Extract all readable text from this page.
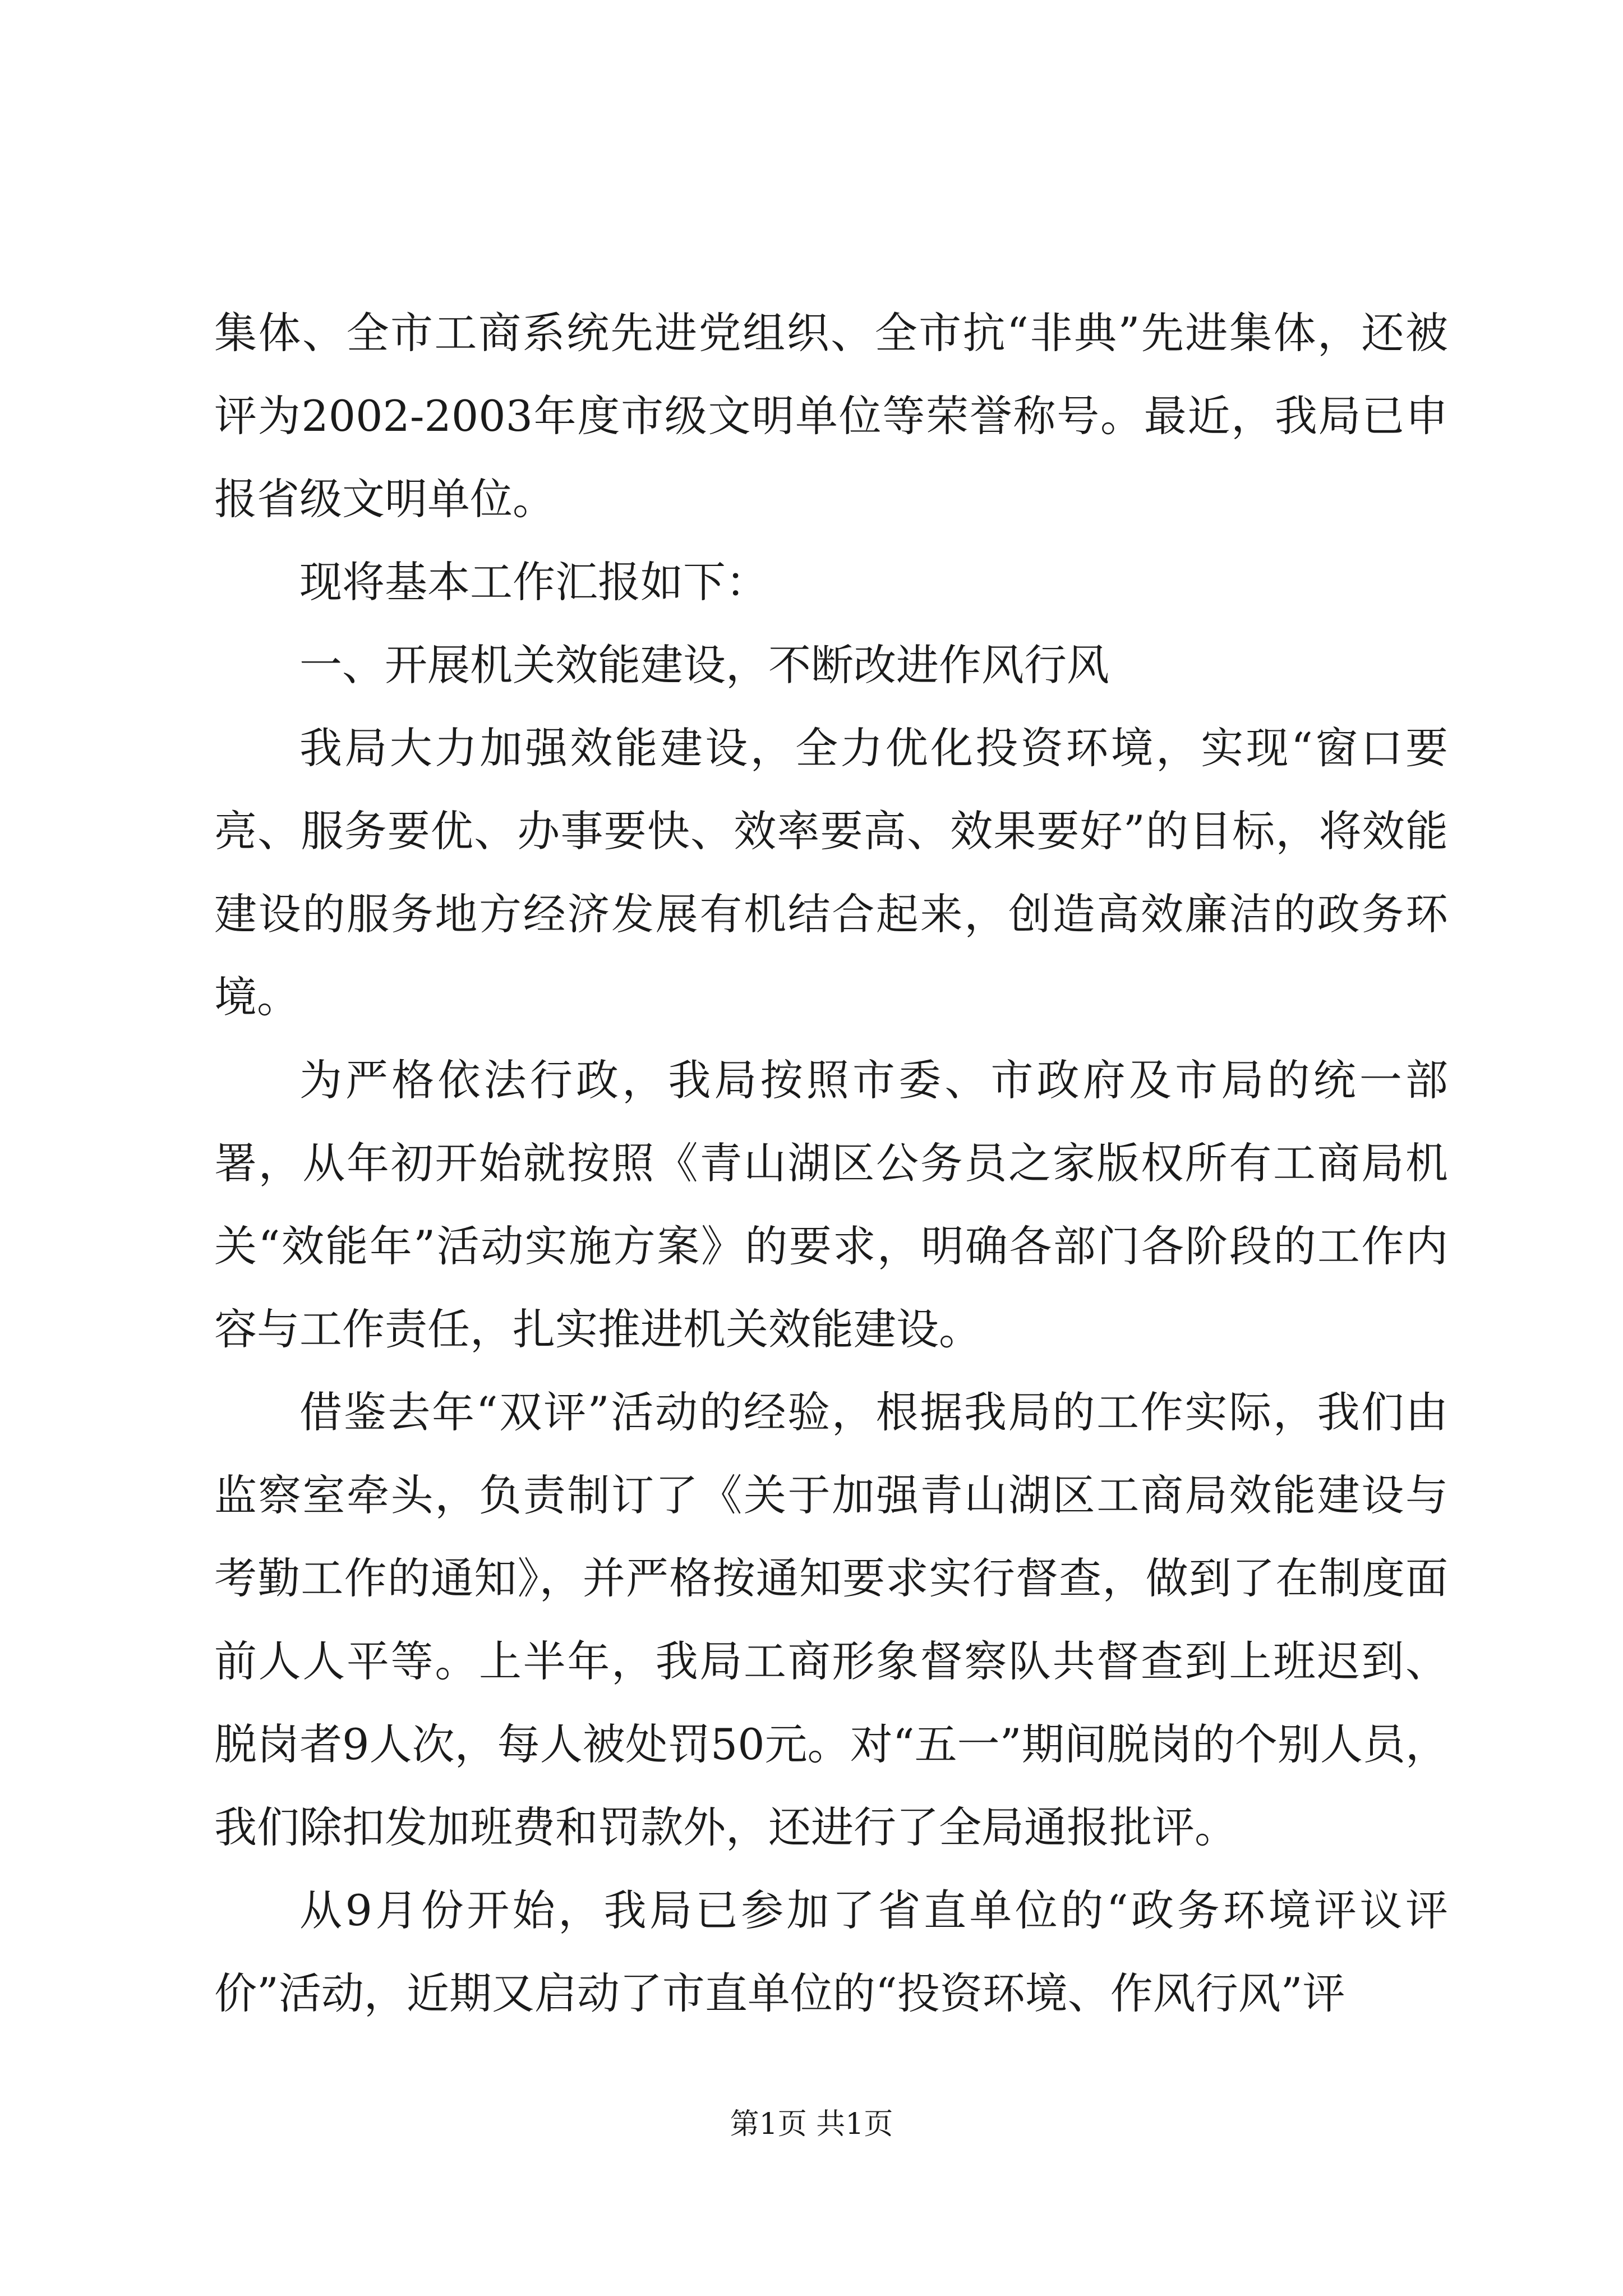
集体、全市工商系统先进党组织、全市抗“非典”先进集体，还被评为2002-2003年度市级文明单位等荣誉称号。最近，我局已申报省级文明单位。

现将基本工作汇报如下：

一、开展机关效能建设，不断改进作风行风

我局大力加强效能建设，全力优化投资环境，实现“窗口要亮、服务要优、办事要快、效率要高、效果要好”的目标，将效能建设的服务地方经济发展有机结合起来，创造高效廉洁的政务环境。

为严格依法行政，我局按照市委、市政府及市局的统一部署，从年初开始就按照《青山湖区公务员之家版权所有工商局机关“效能年”活动实施方案》的要求，明确各部门各阶段的工作内容与工作责任，扎实推进机关效能建设。

借鉴去年“双评”活动的经验，根据我局的工作实际，我们由监察室牵头，负责制订了《关于加强青山湖区工商局效能建设与考勤工作的通知》，并严格按通知要求实行督查，做到了在制度面前人人平等。上半年，我局工商形象督察队共督查到上班迟到、脱岗者9人次，每人被处罚50元。对“五一”期间脱岗的个别人员，我们除扣发加班费和罚款外，还进行了全局通报批评。

从9月份开始，我局已参加了省直单位的“政务环境评议评价”活动，近期又启动了市直单位的“投资环境、作风行风”评

第1页 共1页
